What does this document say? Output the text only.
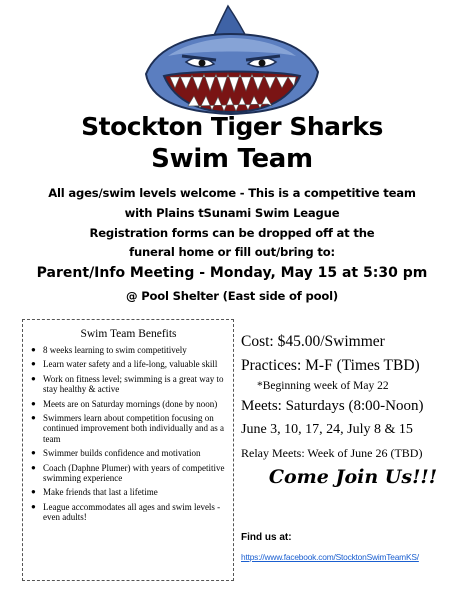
Stockton Tiger Sharks
Swim Team
All ages/swim levels welcome - This is a competitive team
with Plains tSunami Swim League
Registration forms can be dropped off at the
funeral home or fill out/bring to:
Parent/Info Meeting - Monday, May 15 at 5:30 pm
@ Pool Shelter (East side of pool)
Swim Team Benefits
● 8 weeks learning to swim competitively
● Learn water safety and a life-long, valuable skill
● Work on fitness level; swimming is a great way to stay healthy & active
● Meets are on Saturday mornings (done by noon)
● Swimmers learn about competition focusing on continued improvement both individually and as a team
● Swimmer builds confidence and motivation
● Coach (Daphne Plumer) with years of competitive swimming experience
● Make friends that last a lifetime
● League accommodates all ages and swim levels - even adults!
Cost: $45.00/Swimmer
Practices: M-F (Times TBD)
*Beginning week of May 22
Meets: Saturdays (8:00-Noon)
June 3, 10, 17, 24, July 8 & 15
Relay Meets: Week of June 26 (TBD)
Come Join Us!!!
Find us at:
https://www.facebook.com/StocktonSwimTeamKS/
